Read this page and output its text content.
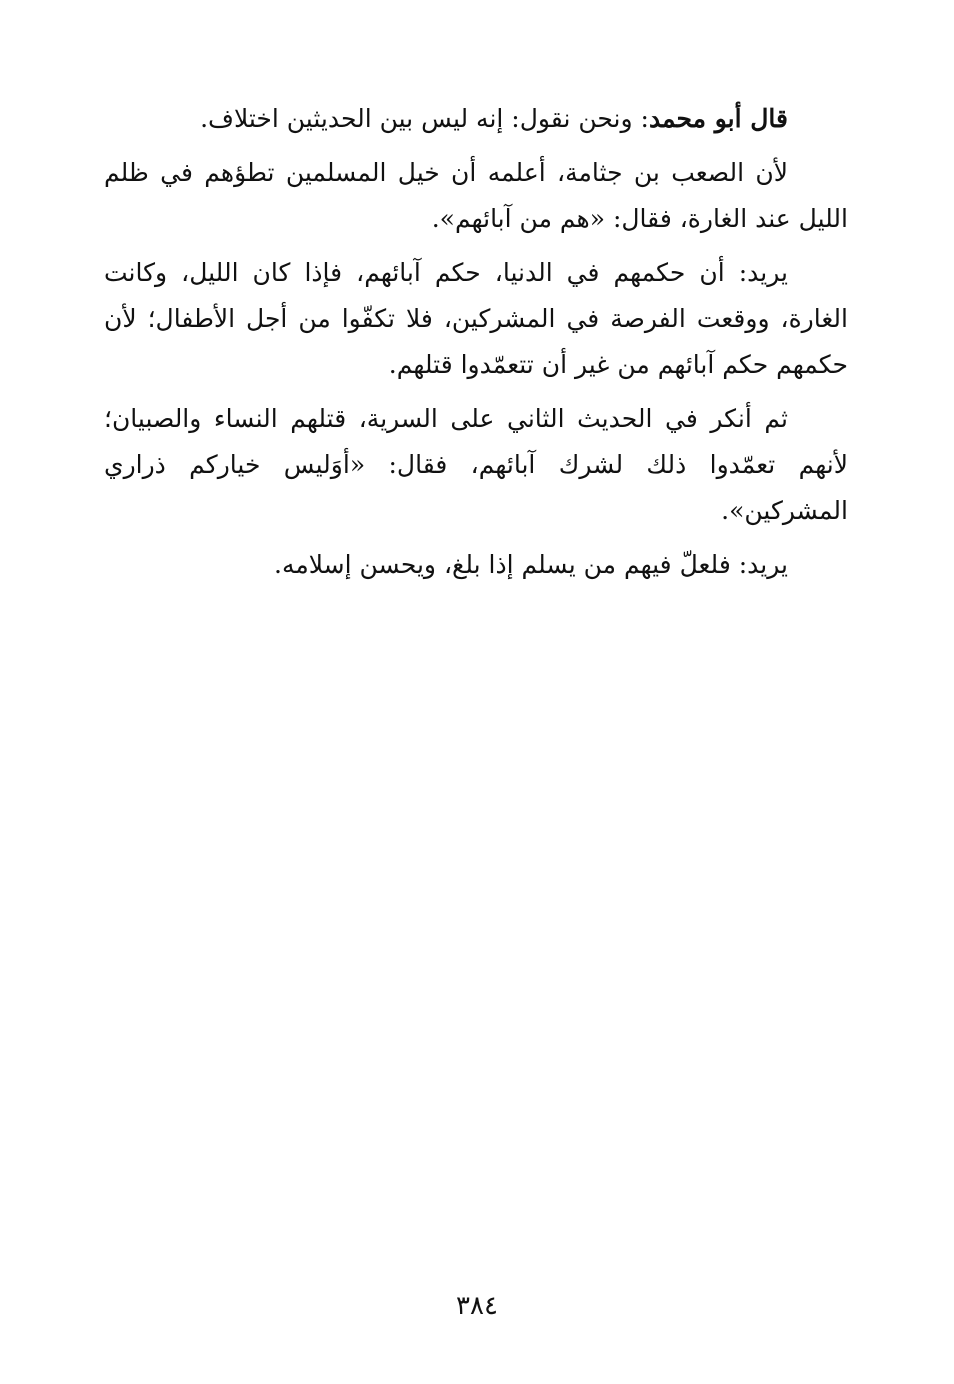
قال أبو محمد: ونحن نقول: إنه ليس بين الحديثين اختلاف.

لأن الصعب بن جثامة، أعلمه أن خيل المسلمين تطؤهم في ظلم الليل عند الغارة، فقال: «هم من آبائهم».

يريد: أن حكمهم في الدنيا، حكم آبائهم، فإذا كان الليل، وكانت الغارة، ووقعت الفرصة في المشركين، فلا تكفّوا من أجل الأطفال؛ لأن حكمهم حكم آبائهم من غير أن تتعمّدوا قتلهم.

ثم أنكر في الحديث الثاني على السرية، قتلهم النساء والصبيان؛ لأنهم تعمّدوا ذلك لشرك آبائهم، فقال: «أوَليس خياركم ذراري المشركين».

يريد: فلعلّ فيهم من يسلم إذا بلغ، ويحسن إسلامه.

٣٨٤
